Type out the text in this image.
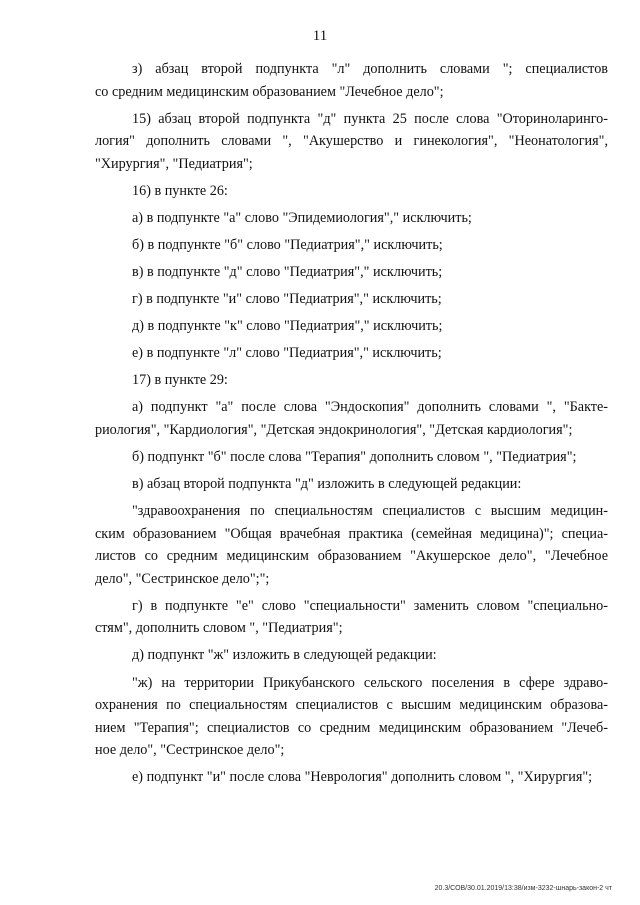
11
з) абзац второй подпункта "л" дополнить словами "; специалистов
со средним медицинским образованием "Лечебное дело";
15) абзац второй подпункта "д" пункта 25 после слова "Оториноларинго-
логия" дополнить словами ", "Акушерство и гинекология", "Неонатология",
"Хирургия", "Педиатрия";
16) в пункте 26:
а) в подпункте "а" слово "Эпидемиология"," исключить;
б) в подпункте "б" слово "Педиатрия"," исключить;
в) в подпункте "д" слово "Педиатрия"," исключить;
г) в подпункте "и" слово "Педиатрия"," исключить;
д) в подпункте "к" слово "Педиатрия"," исключить;
е) в подпункте "л" слово "Педиатрия"," исключить;
17) в пункте 29:
а) подпункт "а" после слова "Эндоскопия" дополнить словами ", "Бакте-
риология", "Кардиология", "Детская эндокринология", "Детская кардиология";
б) подпункт "б" после слова "Терапия" дополнить словом ", "Педиатрия";
в) абзац второй подпункта "д" изложить в следующей редакции:
"здравоохранения по специальностям специалистов с высшим медицин-
ским образованием "Общая врачебная практика (семейная медицина)"; специа-
листов со средним медицинским образованием "Акушерское дело", "Лечебное
дело", "Сестринское дело";";
г) в подпункте "е" слово "специальности" заменить словом "специально-
стям", дополнить словом ", "Педиатрия";
д) подпункт "ж" изложить в следующей редакции:
"ж) на территории Прикубанского сельского поселения в сфере здраво-
охранения по специальностям специалистов с высшим медицинским образова-
нием "Терапия"; специалистов со средним медицинским образованием "Лечеб-
ное дело", "Сестринское дело";
е) подпункт "и" после слова "Неврология" дополнить словом ", "Хирургия";
20.3/СОВ/30.01.2019/13:38/изм-3232-шнарь-закон-2 чт
